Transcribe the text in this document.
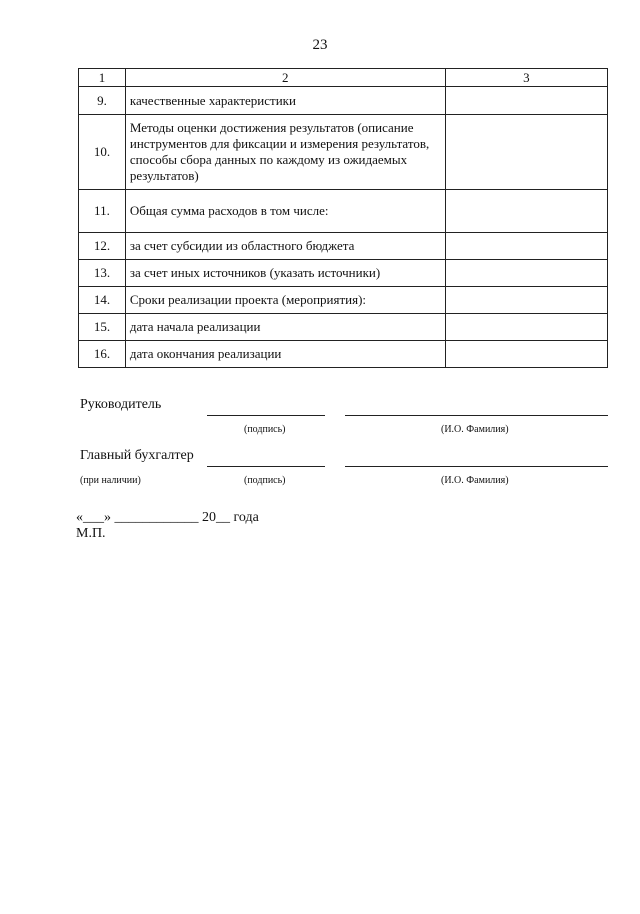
23
1	2	3
9.	качественные характеристики	
10.	Методы оценки достижения результатов (описание инструментов для фиксации и измерения результатов, способы сбора данных по каждому из ожидаемых результатов)	
11.	Общая сумма расходов в том числе:	
12.	за счет субсидии из областного бюджета	
13.	за счет иных источников (указать источники)	
14.	Сроки реализации проекта (мероприятия):	
15.	дата начала реализации	
16.	дата окончания реализации	
Руководитель
(подпись)	(И.О. Фамилия)
Главный бухгалтер
(при наличии)	(подпись)	(И.О. Фамилия)
«___» ____________ 20__ года
М.П.
